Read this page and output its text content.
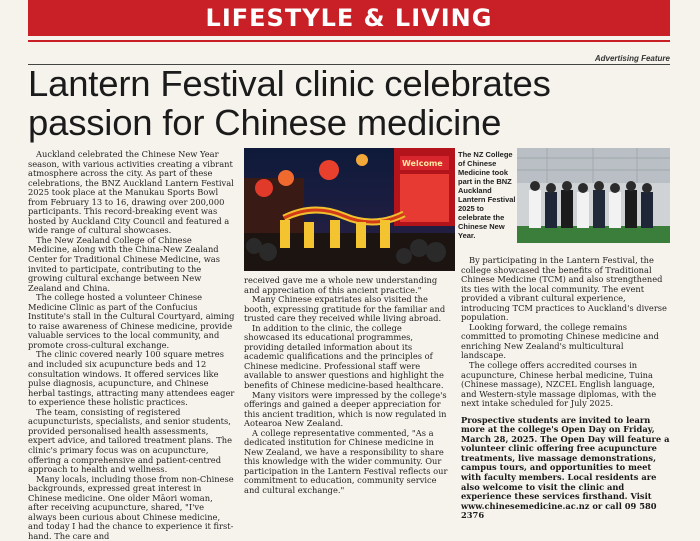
LIFESTYLE & LIVING
Advertising Feature
Lantern Festival clinic celebrates passion for Chinese medicine

Auckland celebrated the Chinese New Year season, with various activities creating a vibrant atmosphere across the city. As part of these celebrations, the BNZ Auckland Lantern Festival 2025 took place at the Manukau Sports Bowl from February 13 to 16, drawing over 200,000 participants. This record-breaking event was hosted by Auckland City Council and featured a wide range of cultural showcases.

The New Zealand College of Chinese Medicine, along with the China-New Zealand Center for Traditional Chinese Medicine, was invited to participate, contributing to the growing cultural exchange between New Zealand and China.

The college hosted a volunteer Chinese Medicine Clinic as part of the Confucius Institute's stall in the Cultural Courtyard, aiming to raise awareness of Chinese medicine, provide valuable services to the local community, and promote cross-cultural exchange.

The clinic covered nearly 100 square metres and included six acupuncture beds and 12 consultation windows. It offered services like pulse diagnosis, acupuncture, and Chinese herbal tastings, attracting many attendees eager to experience these holistic practices.

The team, consisting of registered acupuncturists, specialists, and senior students, provided personalised health assessments, expert advice, and tailored treatment plans. The clinic's primary focus was on acupuncture, offering a comprehensive and patient-centred approach to health and wellness.

Many locals, including those from non-Chinese backgrounds, expressed great interest in Chinese medicine. One older Māori woman, after receiving acupuncture, shared, "I've always been curious about Chinese medicine, and today I had the chance to experience it first-hand. The care and

Welcome
The NZ College of Chinese Medicine took part in the BNZ Auckland Lantern Festival 2025 to celebrate the Chinese New Year.

received gave me a whole new understanding and appreciation of this ancient practice."

Many Chinese expatriates also visited the booth, expressing gratitude for the familiar and trusted care they received while living abroad.

In addition to the clinic, the college showcased its educational programmes, providing detailed information about its academic qualifications and the principles of Chinese medicine. Professional staff were available to answer questions and highlight the benefits of Chinese medicine-based healthcare.

Many visitors were impressed by the college's offerings and gained a deeper appreciation for this ancient tradition, which is now regulated in Aotearoa New Zealand.

A college representative commented, "As a dedicated institution for Chinese medicine in New Zealand, we have a responsibility to share this knowledge with the wider community. Our participation in the Lantern Festival reflects our commitment to education, community service and cultural exchange."

By participating in the Lantern Festival, the college showcased the benefits of Traditional Chinese Medicine (TCM) and also strengthened its ties with the local community. The event provided a vibrant cultural experience, introducing TCM practices to Auckland's diverse population.

Looking forward, the college remains committed to promoting Chinese medicine and enriching New Zealand's multicultural landscape.

The college offers accredited courses in acupuncture, Chinese herbal medicine, Tuina (Chinese massage), NZCEL English language, and Western-style massage diplomas, with the next intake scheduled for July 2025.

Prospective students are invited to learn more at the college's Open Day on Friday, March 28, 2025. The Open Day will feature a volunteer clinic offering free acupuncture treatments, live massage demonstrations, campus tours, and opportunities to meet with faculty members. Local residents are also welcome to visit the clinic and experience these services firsthand. Visit www.chinesemedicine.ac.nz or call 09 580 2376
